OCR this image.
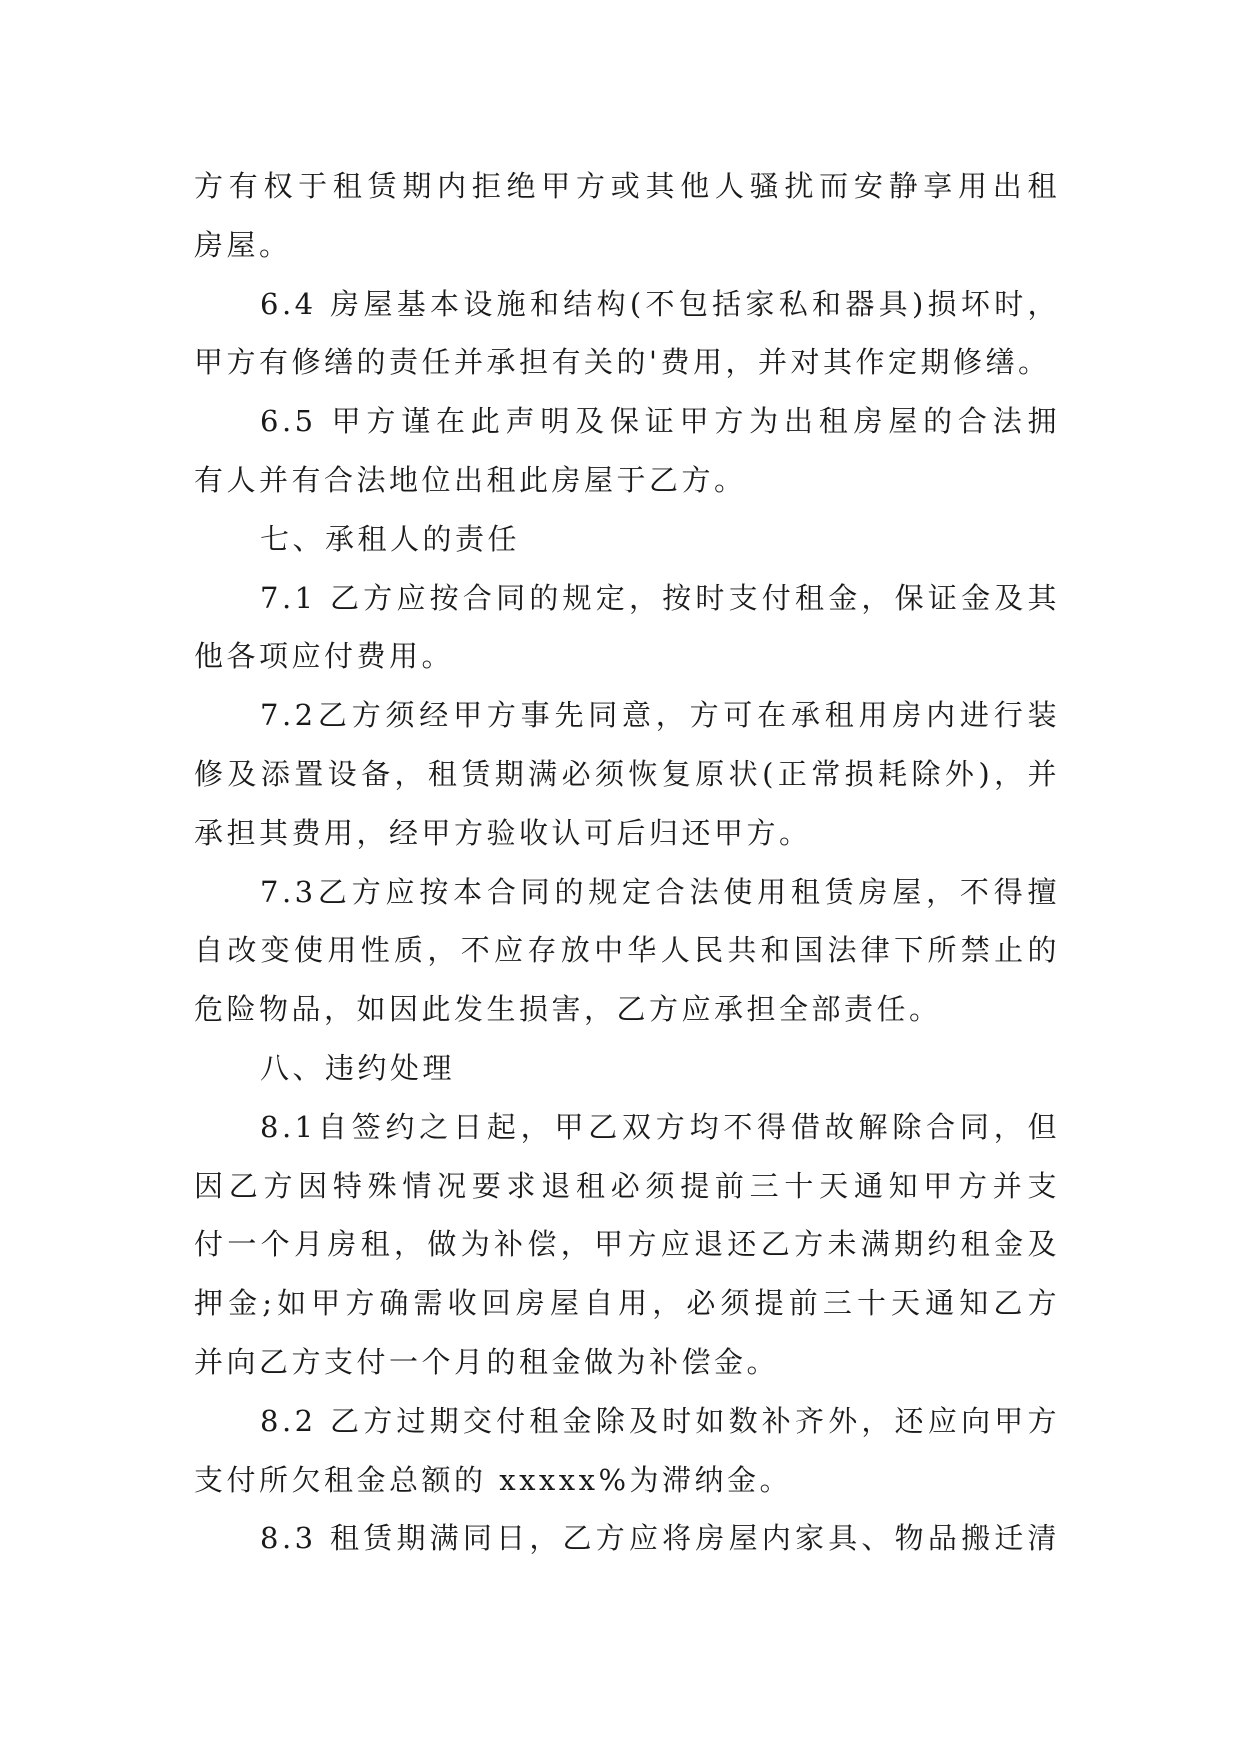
方有权于租赁期内拒绝甲方或其他人骚扰而安静享用出租
房屋。
6.4 房屋基本设施和结构(不包括家私和器具)损坏时，
甲方有修缮的责任并承担有关的'费用，并对其作定期修缮。
6.5 甲方谨在此声明及保证甲方为出租房屋的合法拥
有人并有合法地位出租此房屋于乙方。
七、承租人的责任
7.1 乙方应按合同的规定，按时支付租金，保证金及其
他各项应付费用。
7.2乙方须经甲方事先同意，方可在承租用房内进行装
修及添置设备，租赁期满必须恢复原状(正常损耗除外)，并
承担其费用，经甲方验收认可后归还甲方。
7.3乙方应按本合同的规定合法使用租赁房屋，不得擅
自改变使用性质，不应存放中华人民共和国法律下所禁止的
危险物品，如因此发生损害，乙方应承担全部责任。
八、违约处理
8.1自签约之日起，甲乙双方均不得借故解除合同，但
因乙方因特殊情况要求退租必须提前三十天通知甲方并支
付一个月房租，做为补偿，甲方应退还乙方未满期约租金及
押金;如甲方确需收回房屋自用，必须提前三十天通知乙方
并向乙方支付一个月的租金做为补偿金。
8.2 乙方过期交付租金除及时如数补齐外，还应向甲方
支付所欠租金总额的 xxxxx%为滞纳金。
8.3 租赁期满同日，乙方应将房屋内家具、物品搬迁清
